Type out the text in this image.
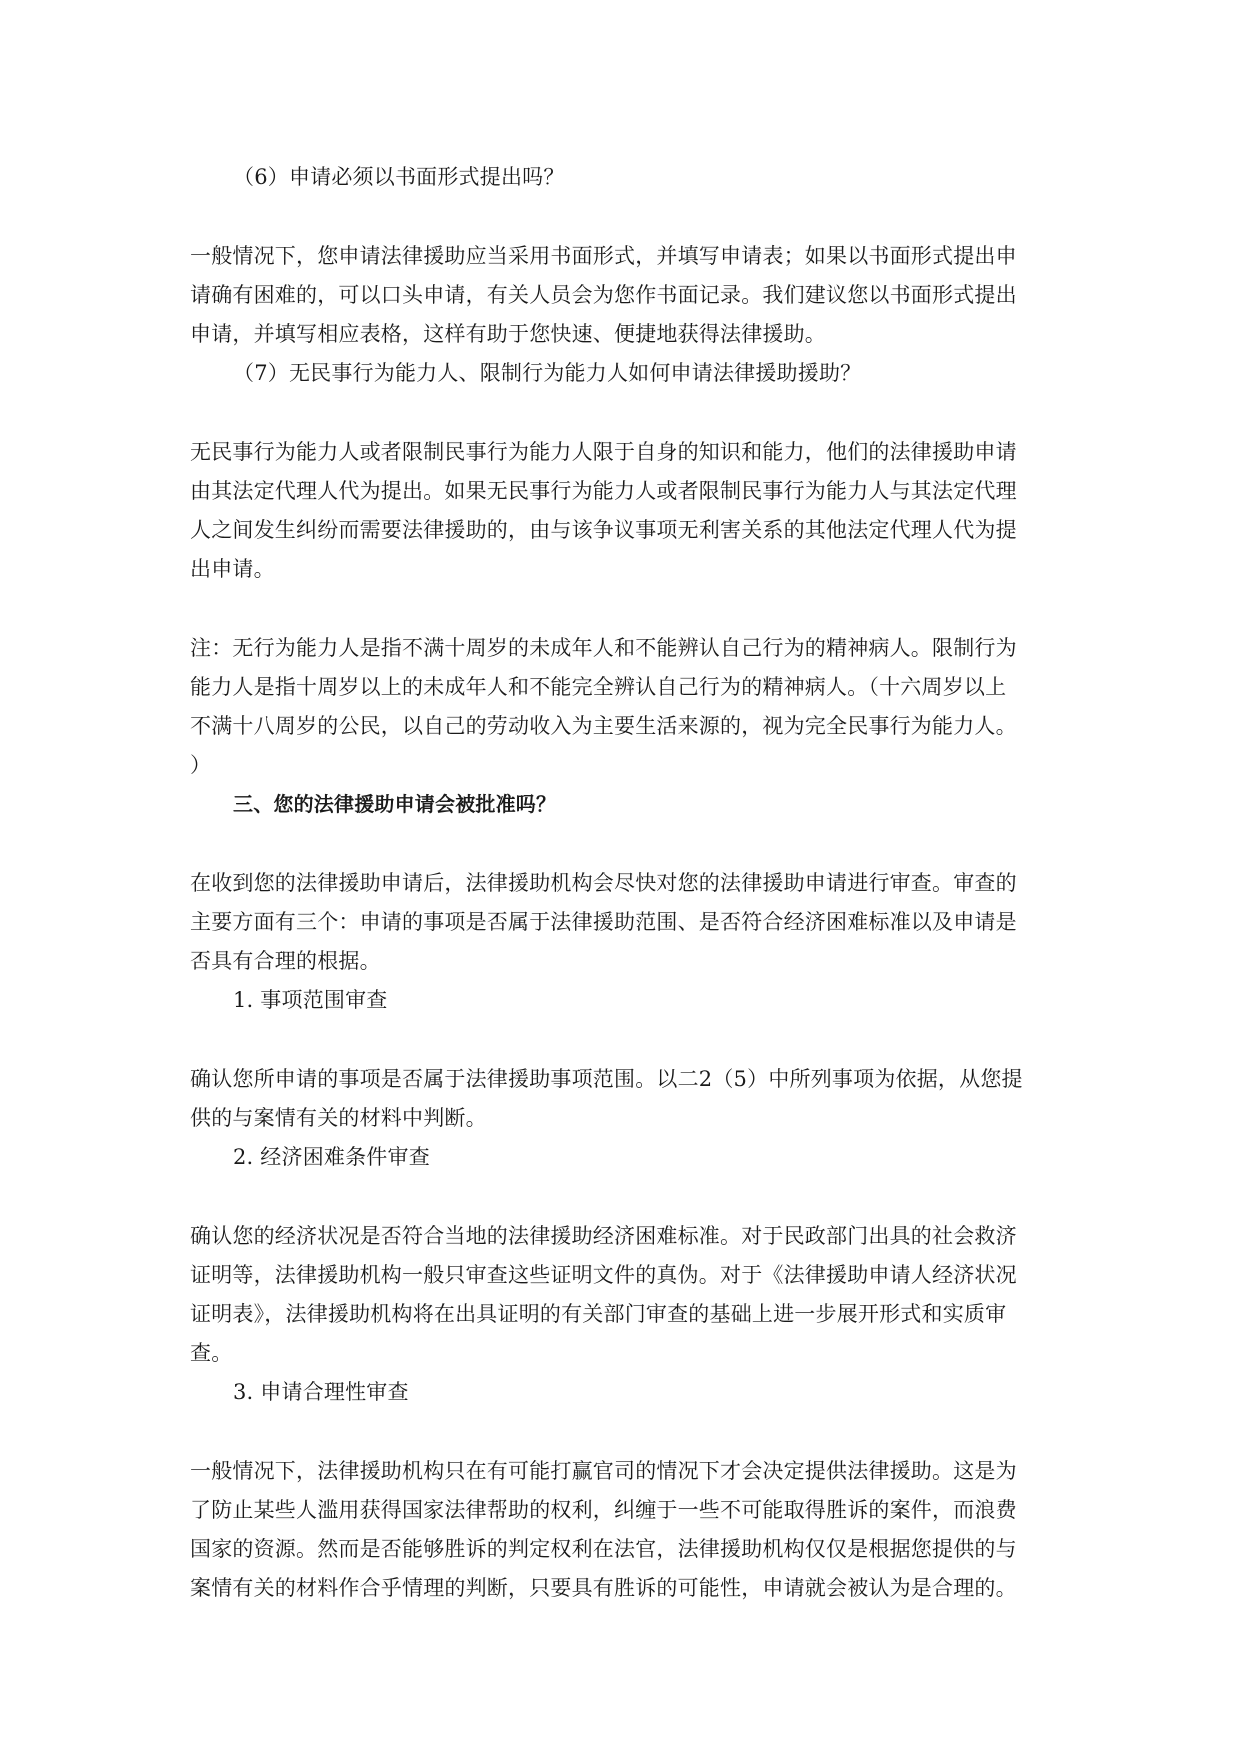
（6）申请必须以书面形式提出吗？
一般情况下，您申请法律援助应当采用书面形式，并填写申请表；如果以书面形式提出申
请确有困难的，可以口头申请，有关人员会为您作书面记录。我们建议您以书面形式提出
申请，并填写相应表格，这样有助于您快速、便捷地获得法律援助。
（7）无民事行为能力人、限制行为能力人如何申请法律援助援助？
无民事行为能力人或者限制民事行为能力人限于自身的知识和能力，他们的法律援助申请
由其法定代理人代为提出。如果无民事行为能力人或者限制民事行为能力人与其法定代理
人之间发生纠纷而需要法律援助的，由与该争议事项无利害关系的其他法定代理人代为提
出申请。
注：无行为能力人是指不满十周岁的未成年人和不能辨认自己行为的精神病人。限制行为
能力人是指十周岁以上的未成年人和不能完全辨认自己行为的精神病人。（十六周岁以上
不满十八周岁的公民，以自己的劳动收入为主要生活来源的，视为完全民事行为能力人。
）
三、您的法律援助申请会被批准吗？
在收到您的法律援助申请后，法律援助机构会尽快对您的法律援助申请进行审查。审查的
主要方面有三个：申请的事项是否属于法律援助范围、是否符合经济困难标准以及申请是
否具有合理的根据。
1. 事项范围审查
确认您所申请的事项是否属于法律援助事项范围。以二2（5）中所列事项为依据，从您提
供的与案情有关的材料中判断。
2. 经济困难条件审查
确认您的经济状况是否符合当地的法律援助经济困难标准。对于民政部门出具的社会救济
证明等，法律援助机构一般只审查这些证明文件的真伪。对于《法律援助申请人经济状况
证明表》，法律援助机构将在出具证明的有关部门审查的基础上进一步展开形式和实质审
查。
3. 申请合理性审查
一般情况下，法律援助机构只在有可能打赢官司的情况下才会决定提供法律援助。这是为
了防止某些人滥用获得国家法律帮助的权利，纠缠于一些不可能取得胜诉的案件，而浪费
国家的资源。然而是否能够胜诉的判定权利在法官，法律援助机构仅仅是根据您提供的与
案情有关的材料作合乎情理的判断，只要具有胜诉的可能性，申请就会被认为是合理的。
